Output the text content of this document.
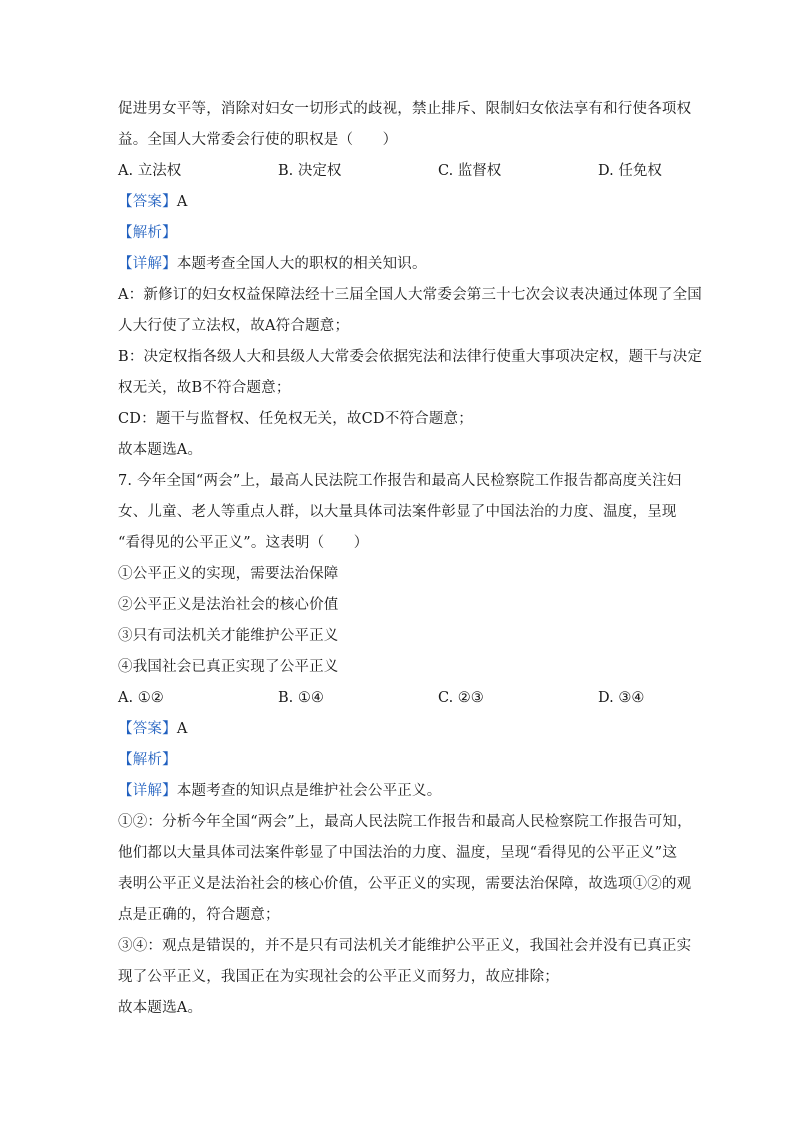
促进男女平等，消除对妇女一切形式的歧视，禁止排斥、限制妇女依法享有和行使各项权
益。全国人大常委会行使的职权是（　　）
A. 立法权	B. 决定权	C. 监督权	D. 任免权
【答案】A
【解析】
【详解】本题考查全国人大的职权的相关知识。
A：新修订的妇女权益保障法经十三届全国人大常委会第三十七次会议表决通过体现了全国
人大行使了立法权，故A符合题意；
B：决定权指各级人大和县级人大常委会依据宪法和法律行使重大事项决定权，题干与决定
权无关，故B不符合题意；
CD：题干与监督权、任免权无关，故CD不符合题意；
故本题选A。
7. 今年全国“两会”上，最高人民法院工作报告和最高人民检察院工作报告都高度关注妇
女、儿童、老人等重点人群，以大量具体司法案件彰显了中国法治的力度、温度，呈现
“看得见的公平正义”。这表明（　　）
①公平正义的实现，需要法治保障
②公平正义是法治社会的核心价值
③只有司法机关才能维护公平正义
④我国社会已真正实现了公平正义
A. ①②	B. ①④	C. ②③	D. ③④
【答案】A
【解析】
【详解】本题考查的知识点是维护社会公平正义。
①②：分析今年全国“两会”上，最高人民法院工作报告和最高人民检察院工作报告可知，
他们都以大量具体司法案件彰显了中国法治的力度、温度，呈现“看得见的公平正义”这
表明公平正义是法治社会的核心价值，公平正义的实现，需要法治保障，故选项①②的观
点是正确的，符合题意；
③④：观点是错误的，并不是只有司法机关才能维护公平正义，我国社会并没有已真正实
现了公平正义，我国正在为实现社会的公平正义而努力，故应排除；
故本题选A。
